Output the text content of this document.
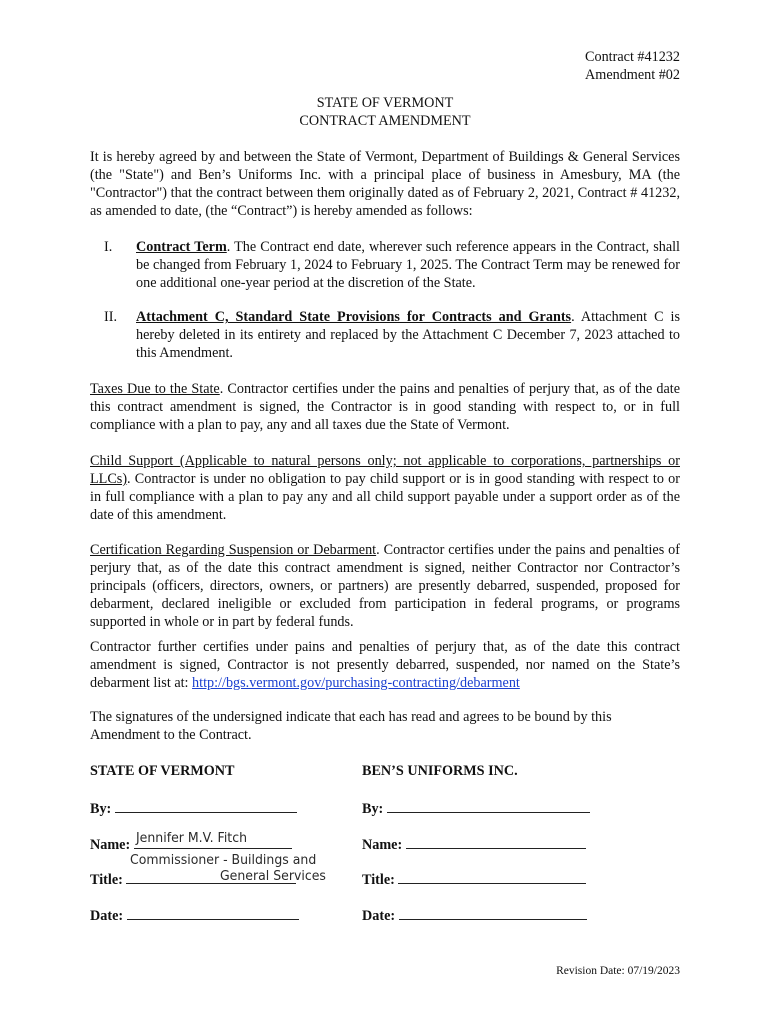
Contract #41232
Amendment #02
STATE OF VERMONT
CONTRACT AMENDMENT
It is hereby agreed by and between the State of Vermont, Department of Buildings & General Services (the "State") and Ben’s Uniforms Inc. with a principal place of business in Amesbury, MA (the "Contractor") that the contract between them originally dated as of February 2, 2021, Contract # 41232, as amended to date, (the “Contract”) is hereby amended as follows:
I. Contract Term. The Contract end date, wherever such reference appears in the Contract, shall be changed from February 1, 2024 to February 1, 2025. The Contract Term may be renewed for one additional one-year period at the discretion of the State.
II. Attachment C, Standard State Provisions for Contracts and Grants. Attachment C is hereby deleted in its entirety and replaced by the Attachment C December 7, 2023 attached to this Amendment.
Taxes Due to the State. Contractor certifies under the pains and penalties of perjury that, as of the date this contract amendment is signed, the Contractor is in good standing with respect to, or in full compliance with a plan to pay, any and all taxes due the State of Vermont.
Child Support (Applicable to natural persons only; not applicable to corporations, partnerships or LLCs). Contractor is under no obligation to pay child support or is in good standing with respect to or in full compliance with a plan to pay any and all child support payable under a support order as of the date of this amendment.
Certification Regarding Suspension or Debarment. Contractor certifies under the pains and penalties of perjury that, as of the date this contract amendment is signed, neither Contractor nor Contractor’s principals (officers, directors, owners, or partners) are presently debarred, suspended, proposed for debarment, declared ineligible or excluded from participation in federal programs, or programs supported in whole or in part by federal funds.
Contractor further certifies under pains and penalties of perjury that, as of the date this contract amendment is signed, Contractor is not presently debarred, suspended, nor named on the State’s debarment list at: http://bgs.vermont.gov/purchasing-contracting/debarment
The signatures of the undersigned indicate that each has read and agrees to be bound by this Amendment to the Contract.
STATE OF VERMONT
By:
Name: Jennifer M.V. Fitch
Commissioner - Buildings and
Title:	General Services
Date:
BEN’S UNIFORMS INC.
By:
Name:
Title:
Date:
Revision Date: 07/19/2023
